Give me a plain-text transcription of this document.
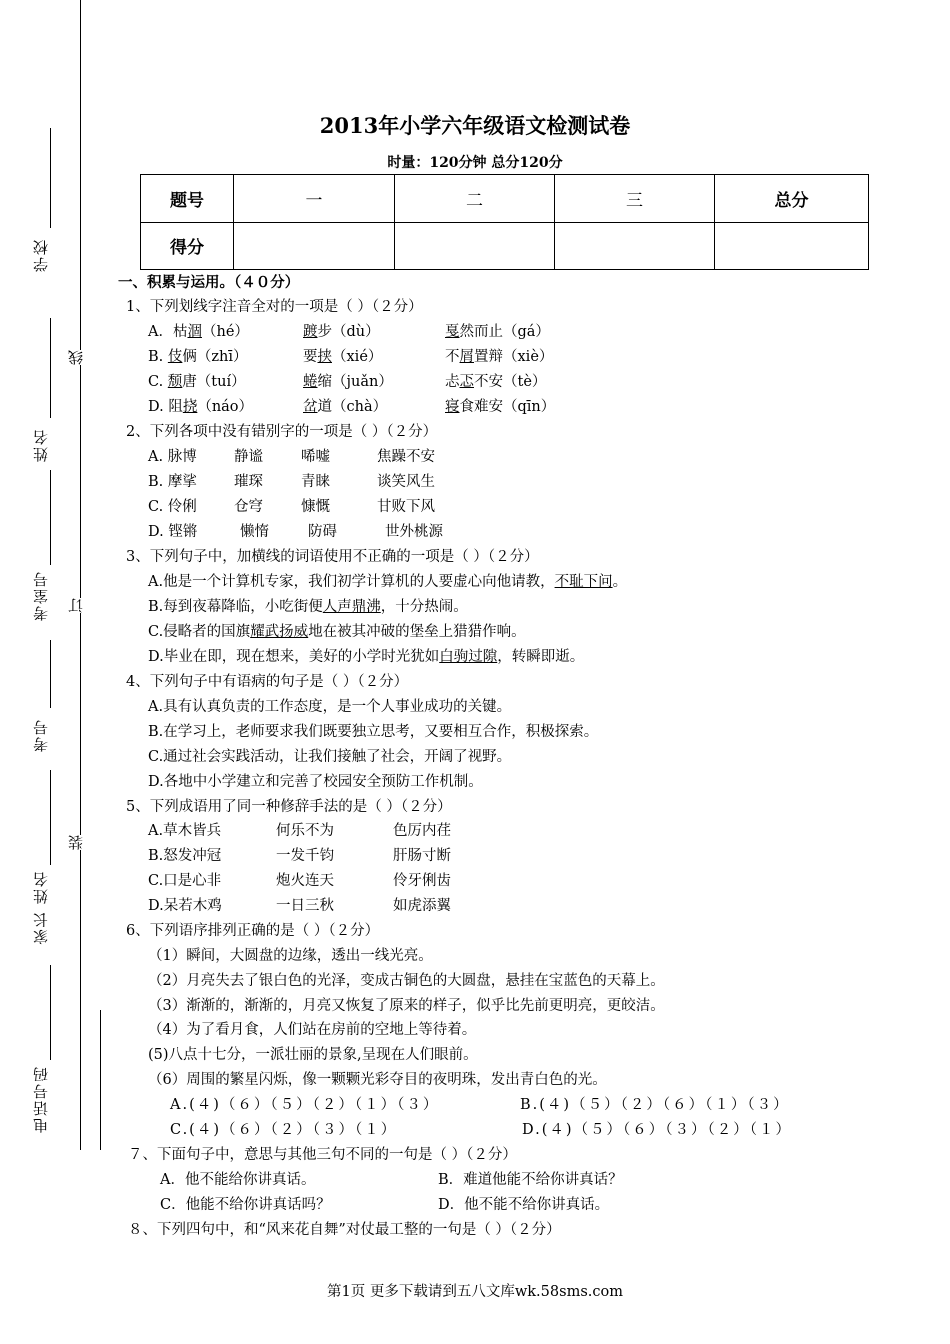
学校
姓名
考室号
考号
家长 姓名
电话号码
线
订
装
2013年小学六年级语文检测试卷
时量：120分钟 总分120分
题号	一	二	三	总分
得分				
一、积累与运用。（４０分）
1、下列划线字注音全对的一项是（ ）（２分）
A．枯涸（hé）	踱步（dù）	戛然而止（gá）
B. 伎俩（zhī）	要挟（xié）	不屑置辩（xiè）
C. 颓唐（tuí）	蜷缩（juǎn）	忐忑不安（tè）
D. 阻挠（náo）	岔道（chà）	寝食难安（qīn）
2、下列各项中没有错别字的一项是（ ）（２分）
A. 脉博	静谧	唏嘘	焦躁不安
B. 摩挲	璀琛	青睐	谈笑风生
C. 伶俐	仓穹	慷慨	甘败下风
D. 铿锵	懒惰	防碍	世外桃源
3、下列句子中，加横线的词语使用不正确的一项是（ ）（２分）
A.他是一个计算机专家，我们初学计算机的人要虚心向他请教，不耻下问。
B.每到夜幕降临，小吃街便人声鼎沸，十分热闹。
C.侵略者的国旗耀武扬威地在被其冲破的堡垒上猎猎作响。
D.毕业在即，现在想来，美好的小学时光犹如白驹过隙，转瞬即逝。
4、下列句子中有语病的句子是（ ）（２分）
A.具有认真负责的工作态度，是一个人事业成功的关键。
B.在学习上，老师要求我们既要独立思考，又要相互合作，积极探索。
C.通过社会实践活动，让我们接触了社会，开阔了视野。
D.各地中小学建立和完善了校园安全预防工作机制。
5、下列成语用了同一种修辞手法的是（ ）（２分）
A.草木皆兵	何乐不为	色厉内荏
B.怒发冲冠	一发千钧	肝肠寸断
C.口是心非	炮火连天	伶牙俐齿
D.呆若木鸡	一日三秋	如虎添翼
6、下列语序排列正确的是（ ）（２分）
（1）瞬间，大圆盘的边缘，透出一线光亮。
（2）月亮失去了银白色的光泽，变成古铜色的大圆盘，悬挂在宝蓝色的天幕上。
（3）渐渐的，渐渐的，月亮又恢复了原来的样子，似乎比先前更明亮，更皎洁。
（4）为了看月食，人们站在房前的空地上等待着。
(5)八点十七分，一派壮丽的景象,呈现在人们眼前。
（6）周围的繁星闪烁，像一颗颗光彩夺目的夜明珠，发出青白色的光。
A.(４)（６）（５）（２）（１）（３）	B.(４)（５）（２）（６）（１）（３）
C.(４)（６）（２）（３）（１）	D.(４)（５）（６）（３）（２）（１）
７、下面句子中，意思与其他三句不同的一句是（ ）（２分）
A．他不能给你讲真话。	B．难道他能不给你讲真话？
C．他能不给你讲真话吗？	D．他不能不给你讲真话。
８、下列四句中，和“风来花自舞”对仗最工整的一句是（ ）（２分）
第1页 更多下载请到五八文库wk.58sms.com
